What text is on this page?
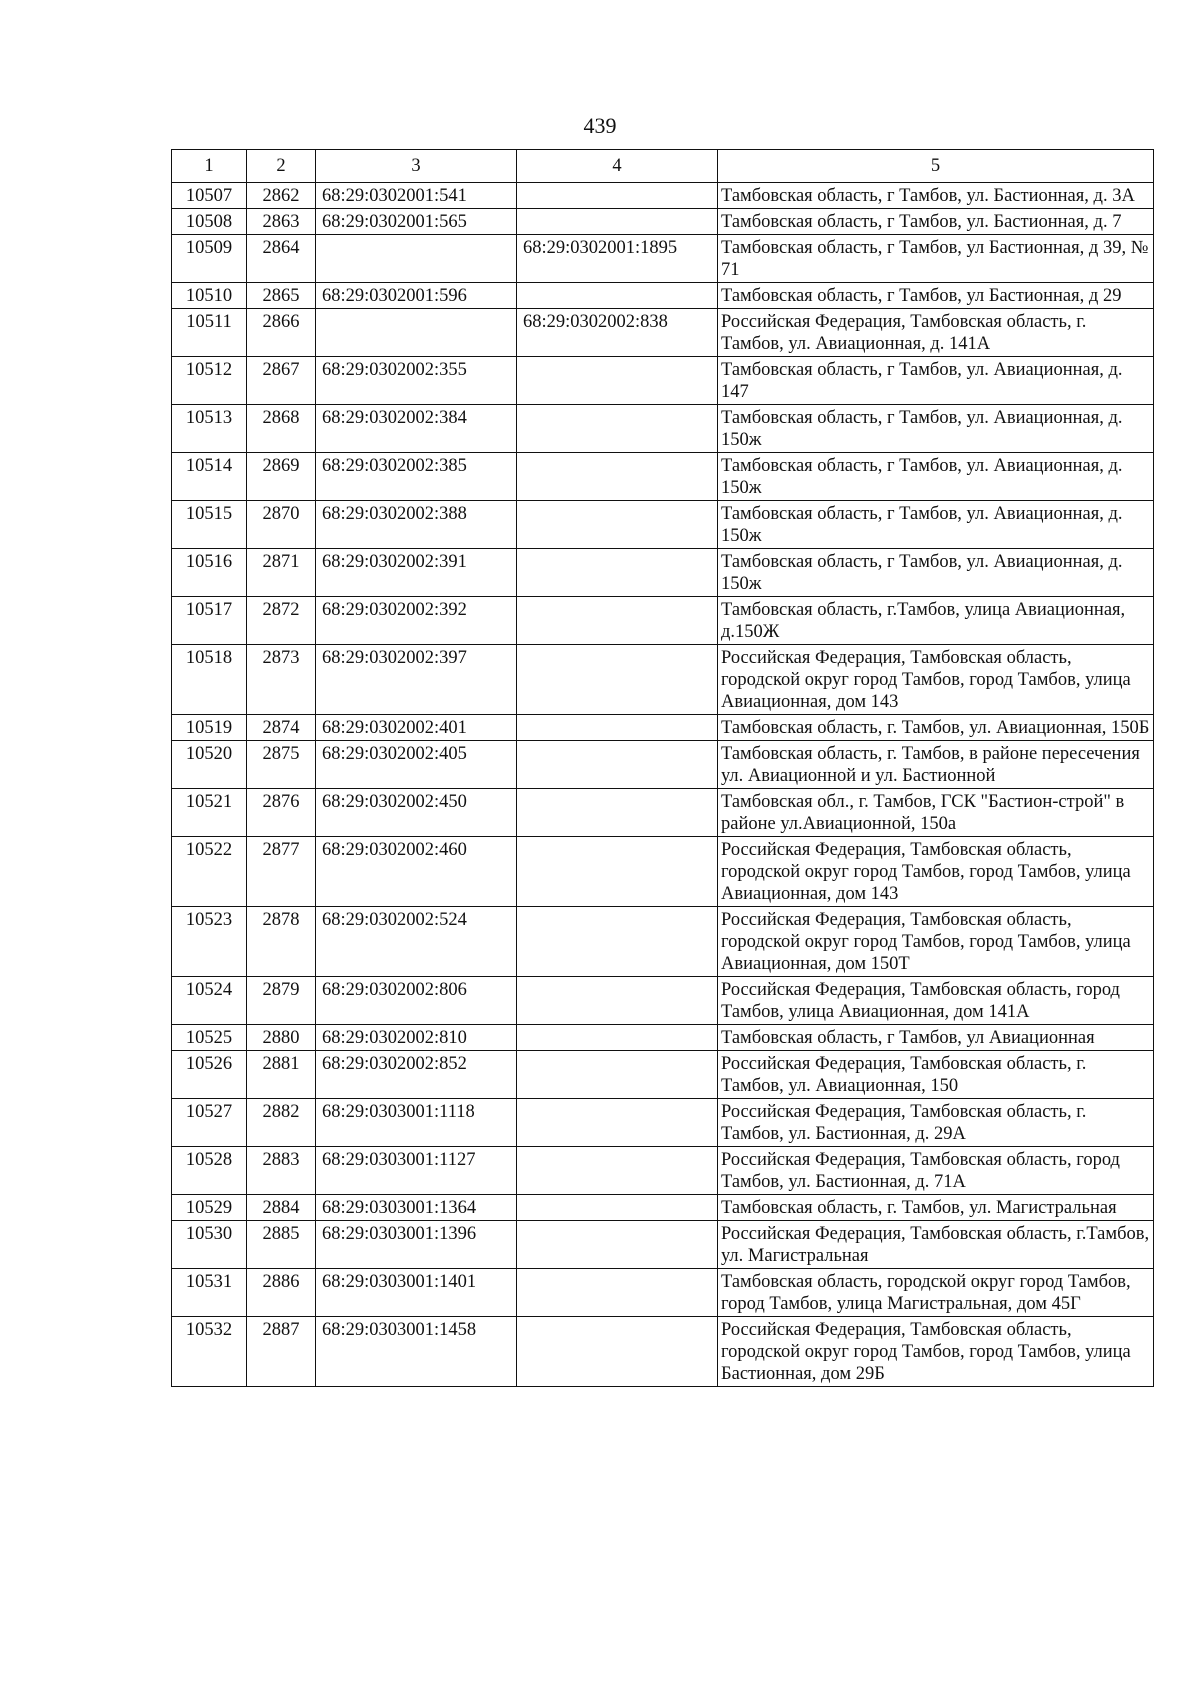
439
1	2	3	4	5
10507	2862	68:29:0302001:541		Тамбовская область, г Тамбов, ул. Бастионная, д. 3А
10508	2863	68:29:0302001:565		Тамбовская область, г Тамбов, ул. Бастионная, д. 7
10509	2864		68:29:0302001:1895	Тамбовская область, г Тамбов, ул Бастионная, д 39, № 71
10510	2865	68:29:0302001:596		Тамбовская область, г Тамбов, ул Бастионная, д 29
10511	2866		68:29:0302002:838	Российская Федерация, Тамбовская область, г. Тамбов, ул. Авиационная, д. 141А
10512	2867	68:29:0302002:355		Тамбовская область, г Тамбов, ул. Авиационная, д. 147
10513	2868	68:29:0302002:384		Тамбовская область, г Тамбов, ул. Авиационная, д. 150ж
10514	2869	68:29:0302002:385		Тамбовская область, г Тамбов, ул. Авиационная, д. 150ж
10515	2870	68:29:0302002:388		Тамбовская область, г Тамбов, ул. Авиационная, д. 150ж
10516	2871	68:29:0302002:391		Тамбовская область, г Тамбов, ул. Авиационная, д. 150ж
10517	2872	68:29:0302002:392		Тамбовская область, г.Тамбов, улица Авиационная, д.150Ж
10518	2873	68:29:0302002:397		Российская Федерация, Тамбовская область, городской округ город Тамбов, город Тамбов, улица Авиационная, дом 143
10519	2874	68:29:0302002:401		Тамбовская область, г. Тамбов, ул. Авиационная, 150Б
10520	2875	68:29:0302002:405		Тамбовская область, г. Тамбов, в районе пересечения ул. Авиационной и ул. Бастионной
10521	2876	68:29:0302002:450		Тамбовская обл., г. Тамбов, ГСК "Бастион-строй" в районе ул.Авиационной, 150а
10522	2877	68:29:0302002:460		Российская Федерация, Тамбовская область, городской округ город Тамбов, город Тамбов, улица Авиационная, дом 143
10523	2878	68:29:0302002:524		Российская Федерация, Тамбовская область, городской округ город Тамбов, город Тамбов, улица Авиационная, дом 150Т
10524	2879	68:29:0302002:806		Российская Федерация, Тамбовская область, город Тамбов, улица Авиационная, дом 141А
10525	2880	68:29:0302002:810		Тамбовская область, г Тамбов, ул Авиационная
10526	2881	68:29:0302002:852		Российская Федерация, Тамбовская область, г. Тамбов, ул. Авиационная, 150
10527	2882	68:29:0303001:1118		Российская Федерация, Тамбовская область, г. Тамбов, ул. Бастионная, д. 29А
10528	2883	68:29:0303001:1127		Российская Федерация, Тамбовская область, город Тамбов, ул. Бастионная, д. 71А
10529	2884	68:29:0303001:1364		Тамбовская область, г. Тамбов, ул. Магистральная
10530	2885	68:29:0303001:1396		Российская Федерация, Тамбовская область, г.Тамбов, ул. Магистральная
10531	2886	68:29:0303001:1401		Тамбовская область, городской округ город Тамбов, город Тамбов, улица Магистральная, дом 45Г
10532	2887	68:29:0303001:1458		Российская Федерация, Тамбовская область, городской округ город Тамбов, город Тамбов, улица Бастионная, дом 29Б
